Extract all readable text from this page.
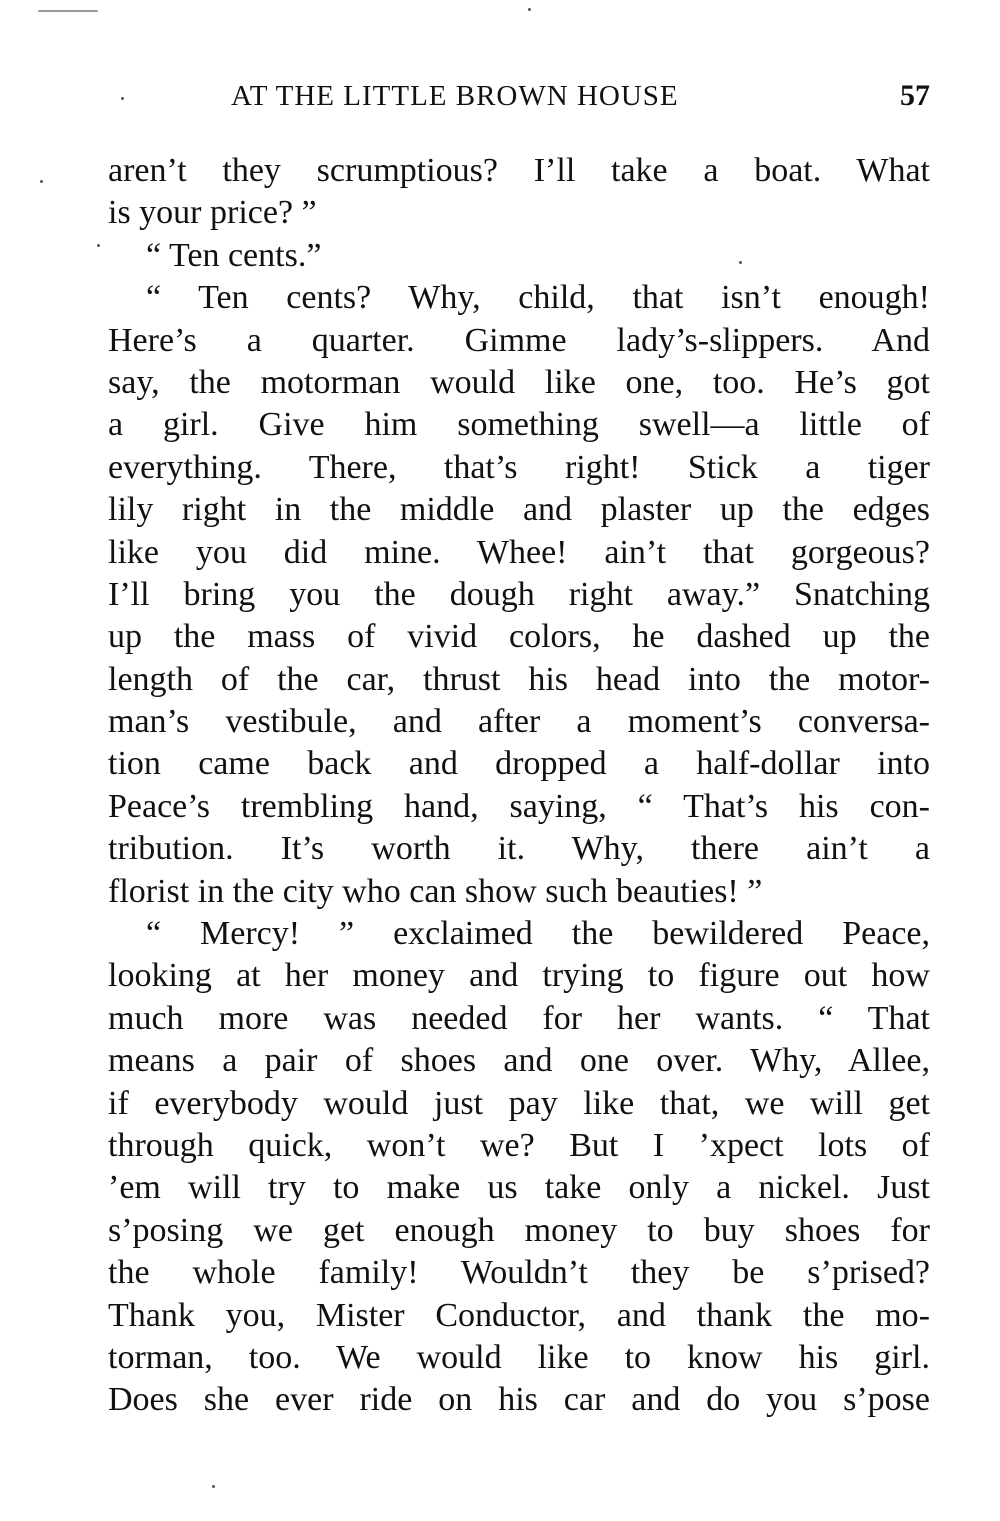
AT THE LITTLE BROWN HOUSE	57
aren’t they scrumptious? I’ll take a boat. What
is your price? ”
“ Ten cents.”
“ Ten cents? Why, child, that isn’t enough!
Here’s a quarter. Gimme lady’s-slippers. And
say, the motorman would like one, too. He’s got
a girl. Give him something swell—a little of
everything. There, that’s right! Stick a tiger
lily right in the middle and plaster up the edges
like you did mine. Whee! ain’t that gorgeous?
I’ll bring you the dough right away.” Snatching
up the mass of vivid colors, he dashed up the
length of the car, thrust his head into the motor-
man’s vestibule, and after a moment’s conversa-
tion came back and dropped a half-dollar into
Peace’s trembling hand, saying, “ That’s his con-
tribution. It’s worth it. Why, there ain’t a
florist in the city who can show such beauties! ”
“ Mercy! ” exclaimed the bewildered Peace,
looking at her money and trying to figure out how
much more was needed for her wants. “ That
means a pair of shoes and one over. Why, Allee,
if everybody would just pay like that, we will get
through quick, won’t we? But I ’xpect lots of
’em will try to make us take only a nickel. Just
s’posing we get enough money to buy shoes for
the whole family! Wouldn’t they be s’prised?
Thank you, Mister Conductor, and thank the mo-
torman, too. We would like to know his girl.
Does she ever ride on his car and do you s’pose
